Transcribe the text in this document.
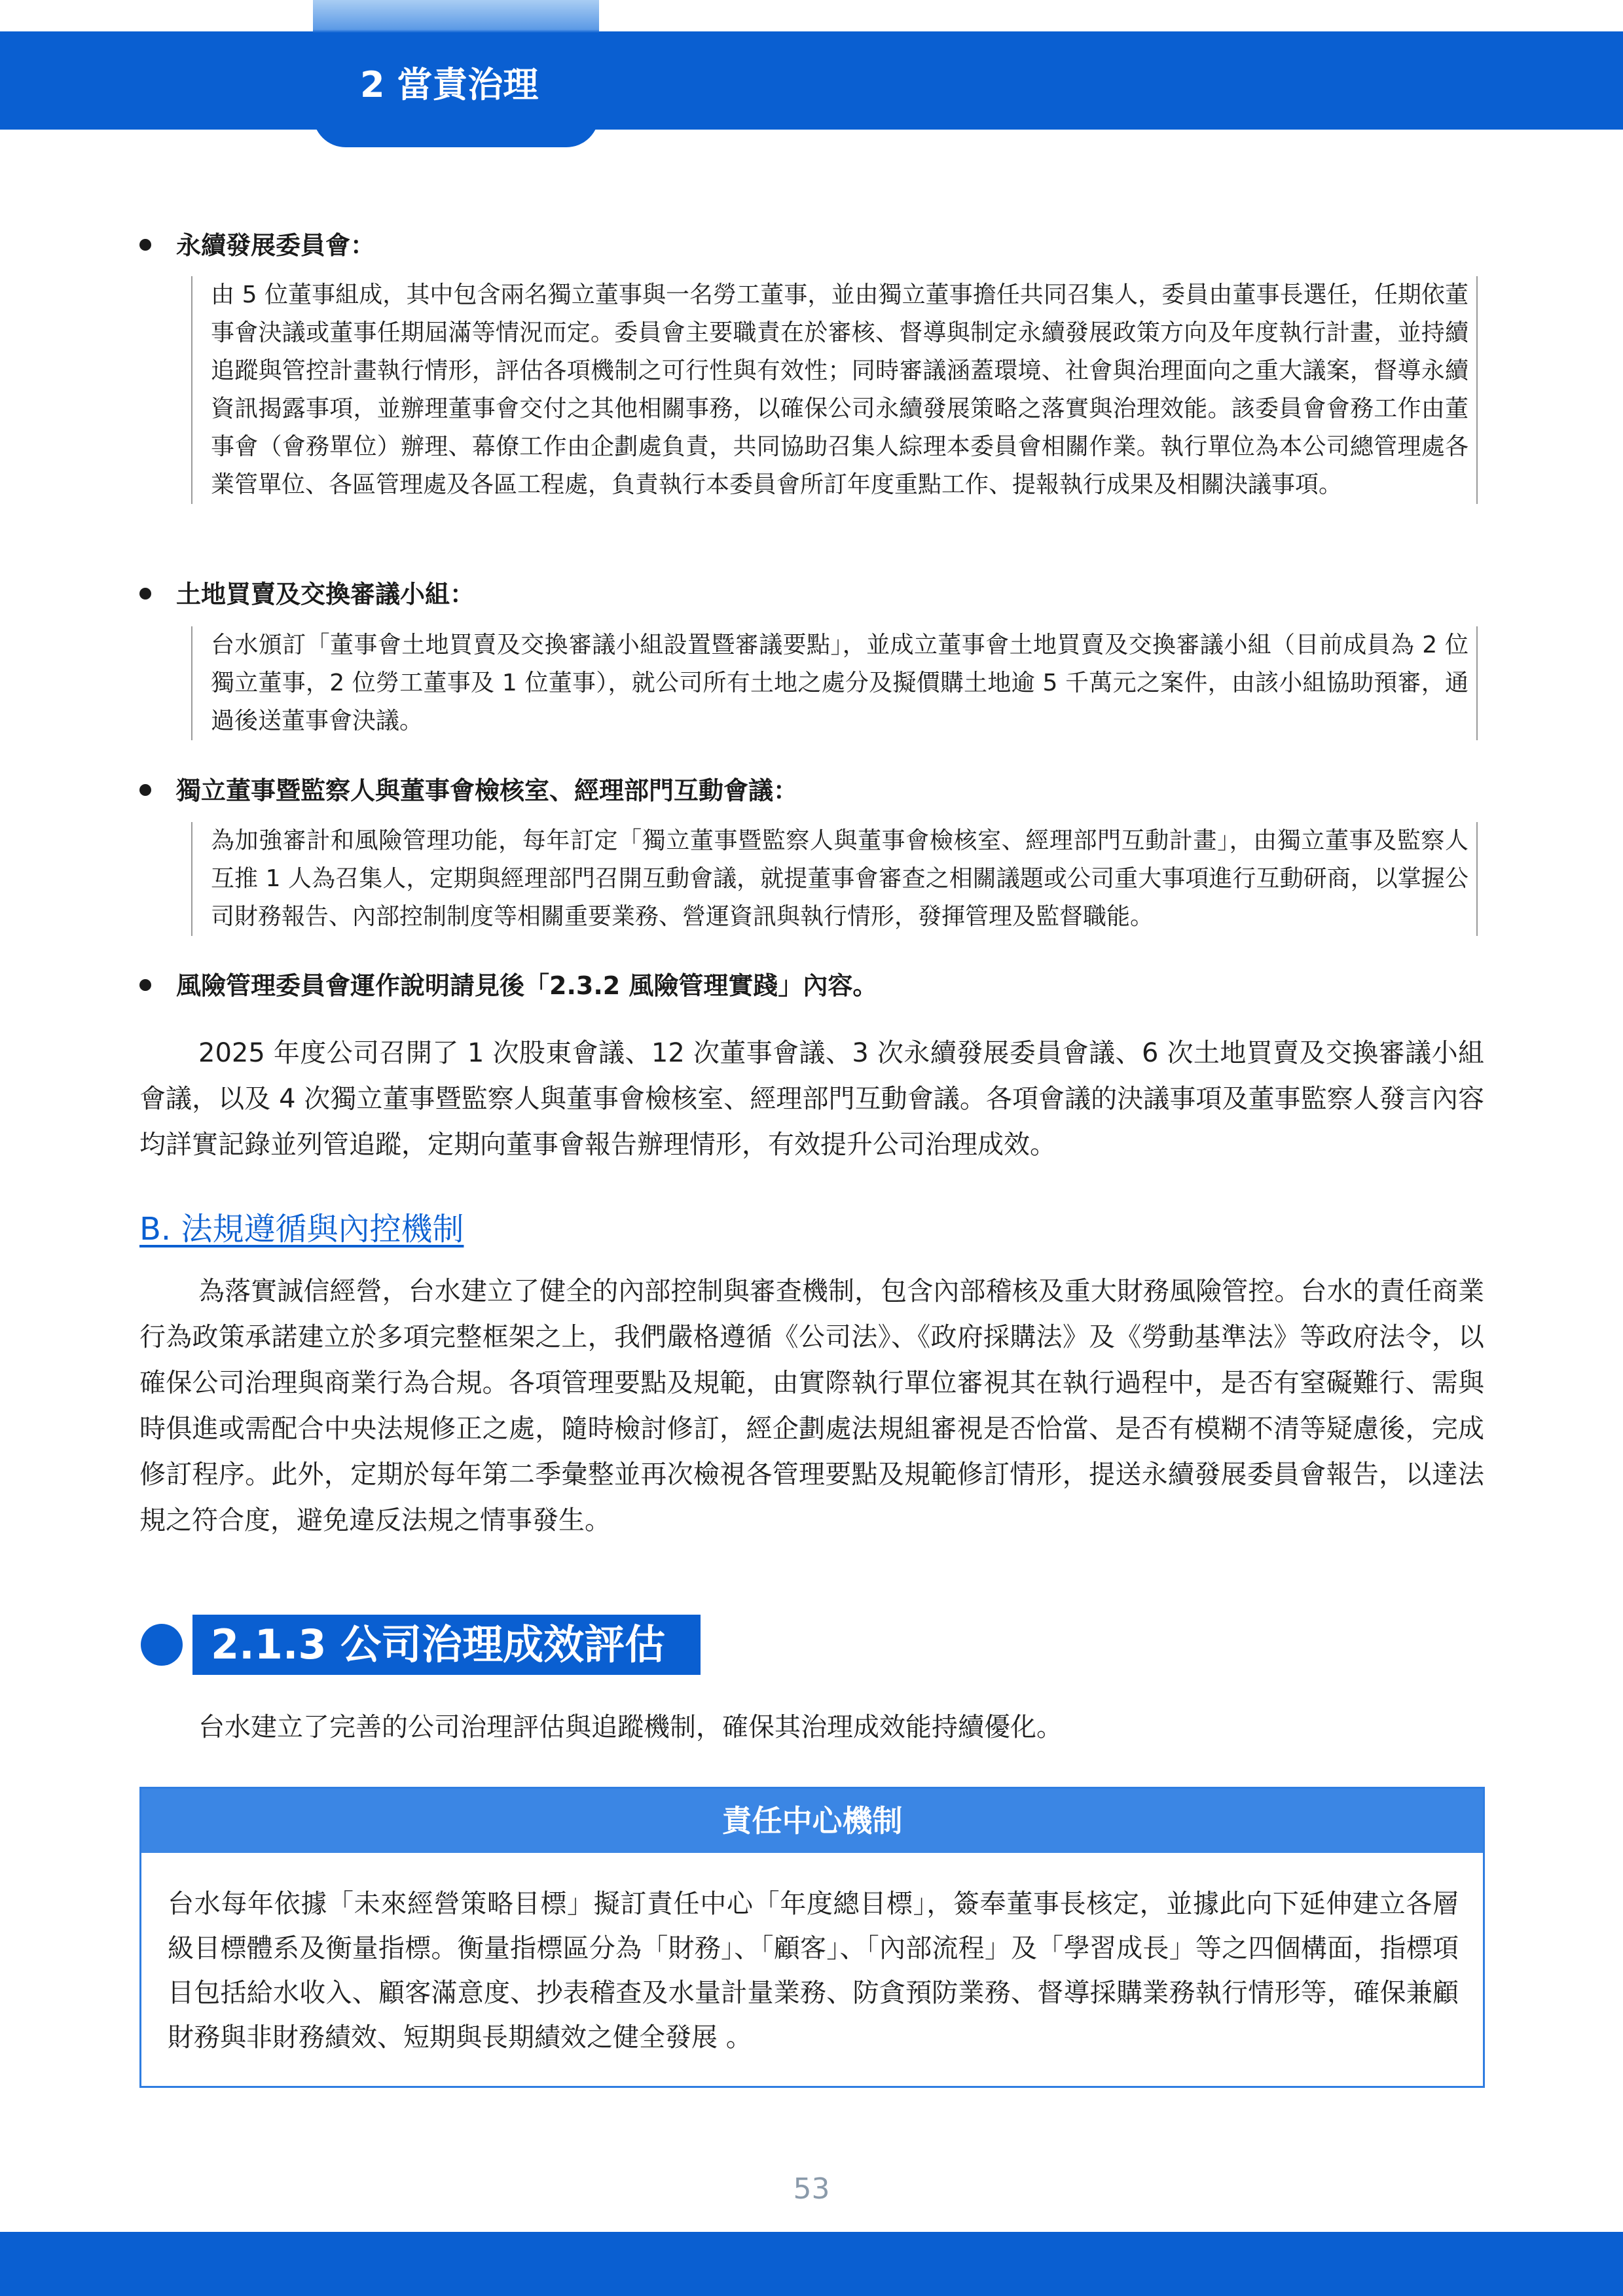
2 當責治理
永續發展委員會：
由 5 位董事組成，其中包含兩名獨立董事與一名勞工董事，並由獨立董事擔任共同召集人，委員由董事長選任，任期依董事會決議或董事任期屆滿等情況而定。委員會主要職責在於審核、督導與制定永續發展政策方向及年度執行計畫，並持續追蹤與管控計畫執行情形，評估各項機制之可行性與有效性；同時審議涵蓋環境、社會與治理面向之重大議案，督導永續資訊揭露事項，並辦理董事會交付之其他相關事務，以確保公司永續發展策略之落實與治理效能。該委員會會務工作由董事會（會務單位）辦理、幕僚工作由企劃處負責，共同協助召集人綜理本委員會相關作業。執行單位為本公司總管理處各業管單位、各區管理處及各區工程處，負責執行本委員會所訂年度重點工作、提報執行成果及相關決議事項。
土地買賣及交換審議小組：
台水頒訂「董事會土地買賣及交換審議小組設置暨審議要點」，並成立董事會土地買賣及交換審議小組（目前成員為 2 位獨立董事，2 位勞工董事及 1 位董事），就公司所有土地之處分及擬價購土地逾 5 千萬元之案件，由該小組協助預審，通過後送董事會決議。
獨立董事暨監察人與董事會檢核室、經理部門互動會議：
為加強審計和風險管理功能，每年訂定「獨立董事暨監察人與董事會檢核室、經理部門互動計畫」，由獨立董事及監察人互推 1 人為召集人，定期與經理部門召開互動會議，就提董事會審查之相關議題或公司重大事項進行互動研商，以掌握公司財務報告、內部控制制度等相關重要業務、營運資訊與執行情形，發揮管理及監督職能。
風險管理委員會運作說明請見後「2.3.2 風險管理實踐」內容。
2025 年度公司召開了 1 次股東會議、12 次董事會議、3 次永續發展委員會議、6 次土地買賣及交換審議小組會議，以及 4 次獨立董事暨監察人與董事會檢核室、經理部門互動會議。各項會議的決議事項及董事監察人發言內容均詳實記錄並列管追蹤，定期向董事會報告辦理情形，有效提升公司治理成效。
B. 法規遵循與內控機制
為落實誠信經營，台水建立了健全的內部控制與審查機制，包含內部稽核及重大財務風險管控。台水的責任商業行為政策承諾建立於多項完整框架之上，我們嚴格遵循《公司法》、《政府採購法》及《勞動基準法》等政府法令，以確保公司治理與商業行為合規。各項管理要點及規範，由實際執行單位審視其在執行過程中，是否有窒礙難行、需與時俱進或需配合中央法規修正之處，隨時檢討修訂，經企劃處法規組審視是否恰當、是否有模糊不清等疑慮後，完成修訂程序。此外，定期於每年第二季彙整並再次檢視各管理要點及規範修訂情形，提送永續發展委員會報告，以達法規之符合度，避免違反法規之情事發生。
2.1.3 公司治理成效評估
台水建立了完善的公司治理評估與追蹤機制，確保其治理成效能持續優化。
責任中心機制
台水每年依據「未來經營策略目標」擬訂責任中心「年度總目標」，簽奉董事長核定，並據此向下延伸建立各層級目標體系及衡量指標。衡量指標區分為「財務」、「顧客」、「內部流程」及「學習成長」等之四個構面，指標項目包括給水收入、顧客滿意度、抄表稽查及水量計量業務、防貪預防業務、督導採購業務執行情形等，確保兼顧財務與非財務績效、短期與長期績效之健全發展 。
53
